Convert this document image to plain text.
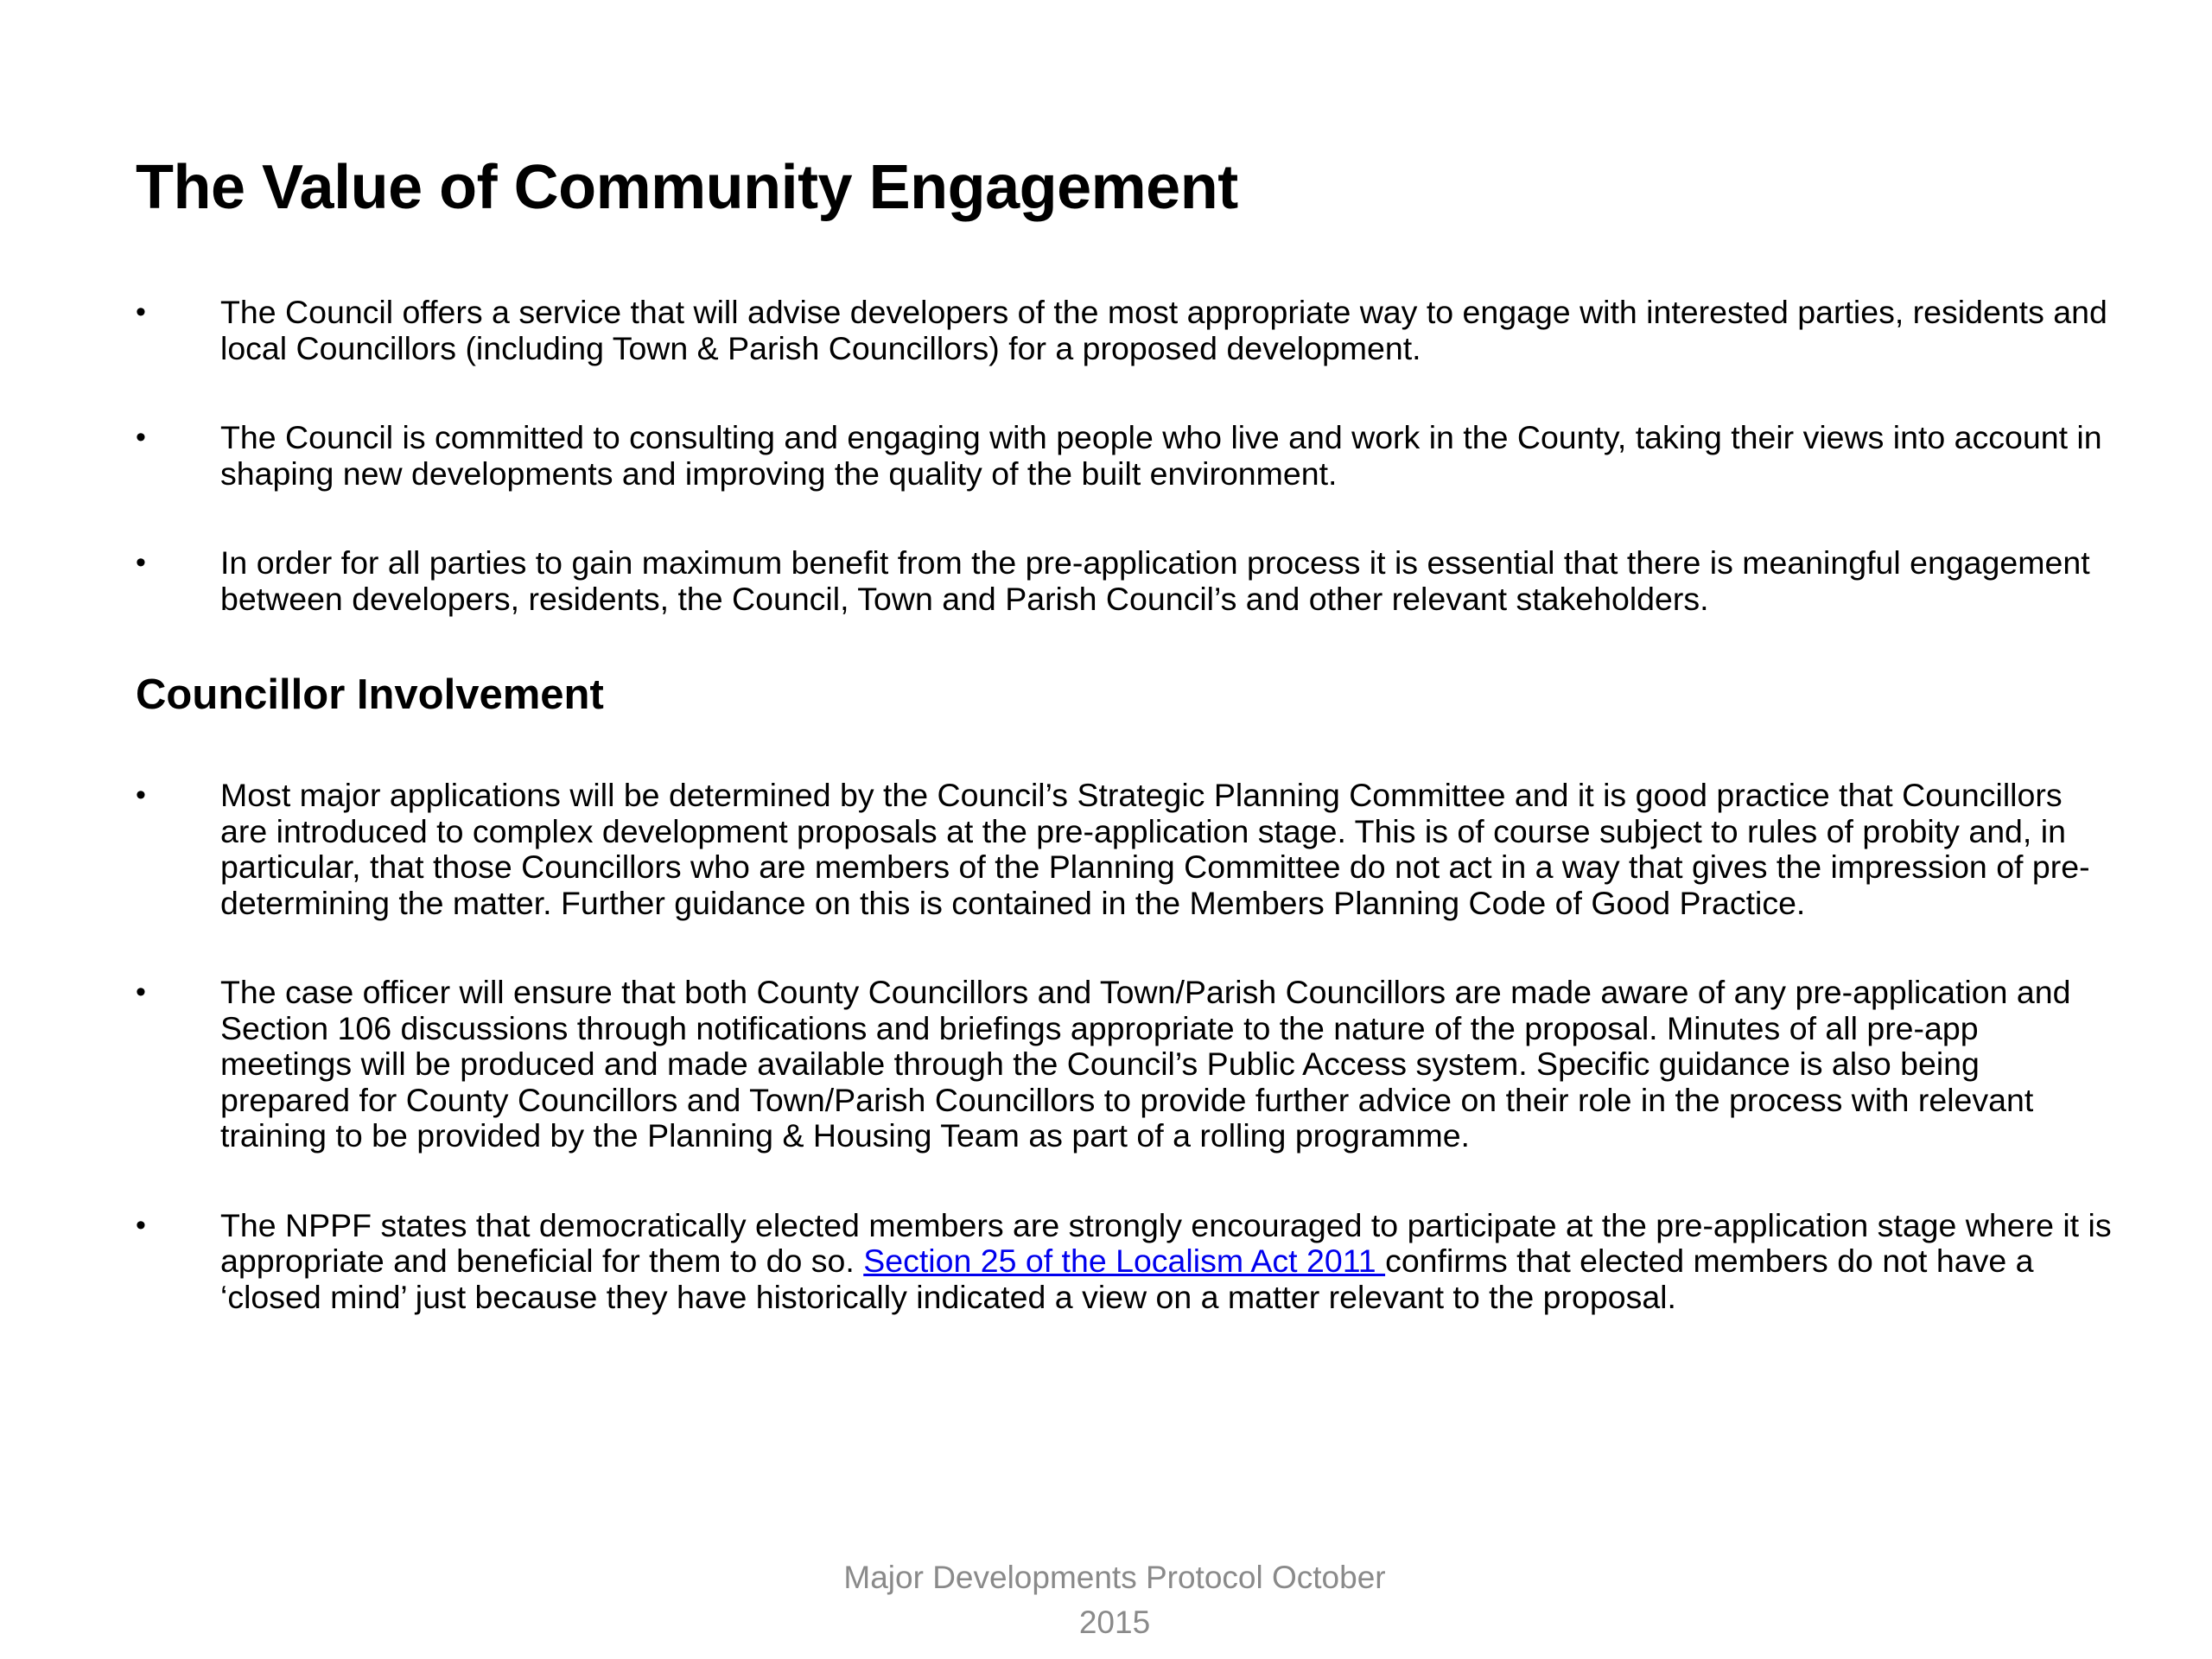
The Value of Community Engagement
• The Council offers a service that will advise developers of the most appropriate way to engage with interested parties, residents and local Councillors (including Town & Parish Councillors) for a proposed development.
• The Council is committed to consulting and engaging with people who live and work in the County, taking their views into account in shaping new developments and improving the quality of the built environment.
• In order for all parties to gain maximum benefit from the pre-application process it is essential that there is meaningful engagement between developers, residents, the Council, Town and Parish Council’s and other relevant stakeholders.
Councillor Involvement
• Most major applications will be determined by the Council’s Strategic Planning Committee and it is good practice that Councillors are introduced to complex development proposals at the pre-application stage. This is of course subject to rules of probity and, in particular, that those Councillors who are members of the Planning Committee do not act in a way that gives the impression of pre-determining the matter. Further guidance on this is contained in the Members Planning Code of Good Practice.
• The case officer will ensure that both County Councillors and Town/Parish Councillors are made aware of any pre-application and Section 106 discussions through notifications and briefings appropriate to the nature of the proposal. Minutes of all pre-app meetings will be produced and made available through the Council’s Public Access system. Specific guidance is also being prepared for County Councillors and Town/Parish Councillors to provide further advice on their role in the process with relevant training to be provided by the Planning & Housing Team as part of a rolling programme.
• The NPPF states that democratically elected members are strongly encouraged to participate at the pre-application stage where it is appropriate and beneficial for them to do so. Section 25 of the Localism Act 2011 confirms that elected members do not have a ‘closed mind’ just because they have historically indicated a view on a matter relevant to the proposal.
Major Developments Protocol October
2015
